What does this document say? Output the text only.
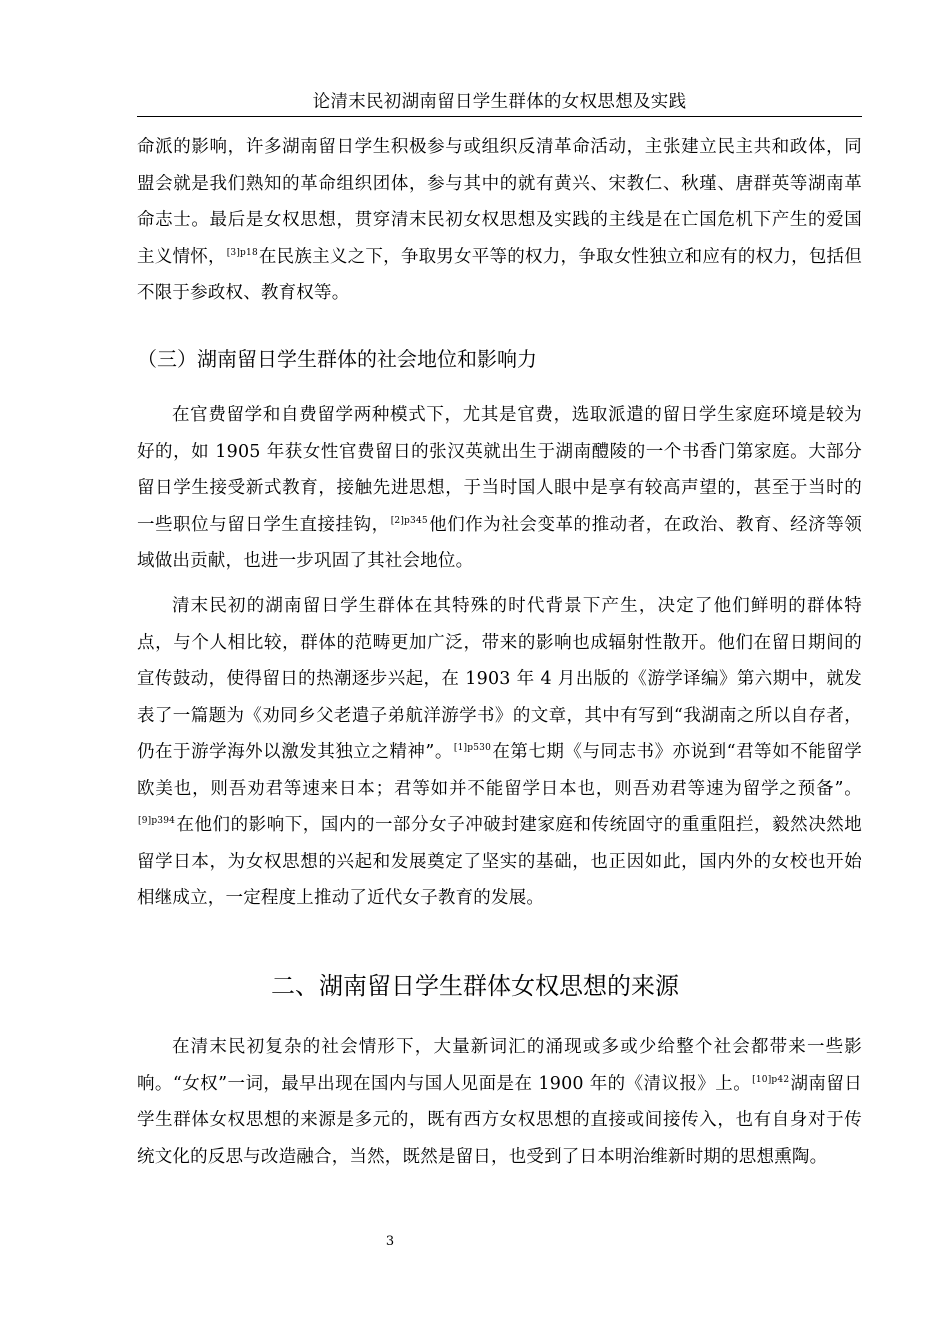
论清末民初湖南留日学生群体的女权思想及实践
命派的影响，许多湖南留日学生积极参与或组织反清革命活动，主张建立民主共和政体，同盟会就是我们熟知的革命组织团体，参与其中的就有黄兴、宋教仁、秋瑾、唐群英等湖南革命志士。最后是女权思想，贯穿清末民初女权思想及实践的主线是在亡国危机下产生的爱国主义情怀，$^{[3]p18}$在民族主义之下，争取男女平等的权力，争取女性独立和应有的权力，包括但不限于参政权、教育权等。
（三）湖南留日学生群体的社会地位和影响力
在官费留学和自费留学两种模式下，尤其是官费，选取派遣的留日学生家庭环境是较为好的，如 1905 年获女性官费留日的张汉英就出生于湖南醴陵的一个书香门第家庭。大部分留日学生接受新式教育，接触先进思想，于当时国人眼中是享有较高声望的，甚至于当时的一些职位与留日学生直接挂钩，$^{[2]p345}$他们作为社会变革的推动者，在政治、教育、经济等领域做出贡献，也进一步巩固了其社会地位。
清末民初的湖南留日学生群体在其特殊的时代背景下产生，决定了他们鲜明的群体特点，与个人相比较，群体的范畴更加广泛，带来的影响也成辐射性散开。他们在留日期间的宣传鼓动，使得留日的热潮逐步兴起，在 1903 年 4 月出版的《游学译编》第六期中，就发表了一篇题为《劝同乡父老遣子弟航洋游学书》的文章，其中有写到“我湖南之所以自存者，仍在于游学海外以激发其独立之精神”。$^{[1]p530}$在第七期《与同志书》亦说到“君等如不能留学欧美也，则吾劝君等速来日本；君等如并不能留学日本也，则吾劝君等速为留学之预备”。$^{[9]p394}$在他们的影响下，国内的一部分女子冲破封建家庭和传统固守的重重阻拦，毅然决然地留学日本，为女权思想的兴起和发展奠定了坚实的基础，也正因如此，国内外的女校也开始相继成立，一定程度上推动了近代女子教育的发展。
二、湖南留日学生群体女权思想的来源
在清末民初复杂的社会情形下，大量新词汇的涌现或多或少给整个社会都带来一些影响。“女权”一词，最早出现在国内与国人见面是在 1900 年的《清议报》上。$^{[10]p42}$湖南留日学生群体女权思想的来源是多元的，既有西方女权思想的直接或间接传入，也有自身对于传统文化的反思与改造融合，当然，既然是留日，也受到了日本明治维新时期的思想熏陶。
3
